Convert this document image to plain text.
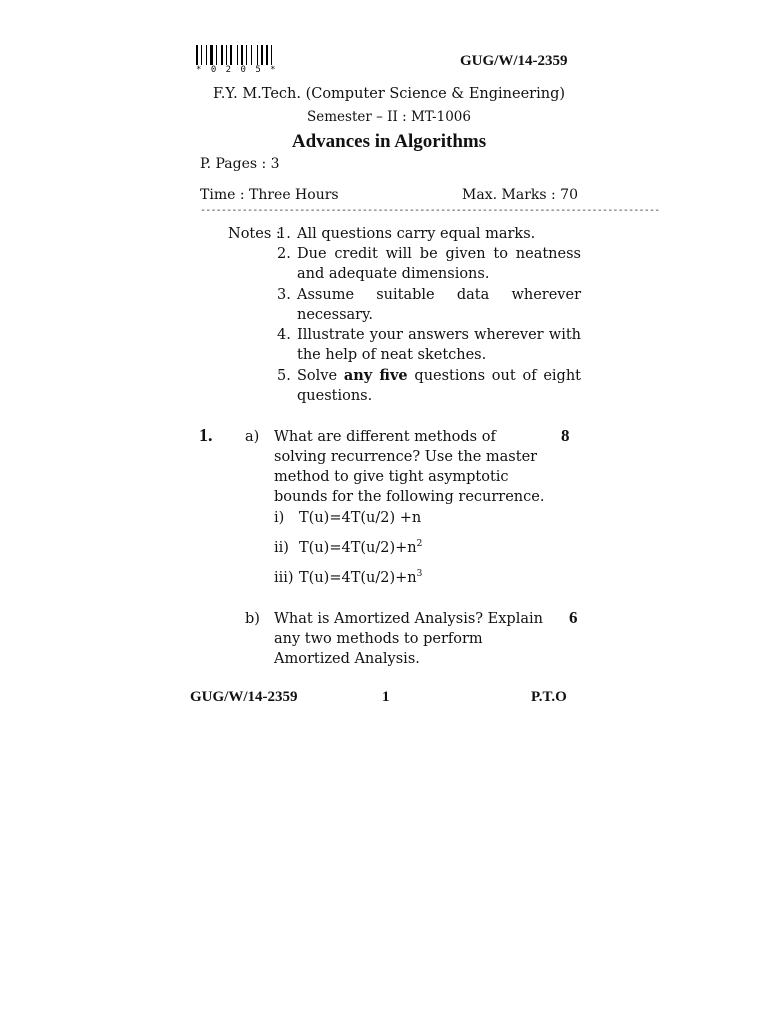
* 0 2 0 5 *
GUG/W/14-2359
F.Y. M.Tech. (Computer Science & Engineering)
Semester – II : MT-1006
Advances in Algorithms
P. Pages : 3
Time : Three Hours	Max. Marks : 70
----------------------------------------------------------------------------------------
Notes :
1. All questions carry equal marks.
2. Due credit will be given to neatness and adequate dimensions.
3. Assume suitable data wherever necessary.
4. Illustrate your answers wherever with the help of neat sketches.
5. Solve any five questions out of eight questions.
1. a) What are different methods of solving recurrence? Use the master method to give tight asymptotic bounds for the following recurrence.
8
i) T(u)=4T(u/2) +n
ii) $T(u)=4T(u/2)+n^2$
iii) $T(u)=4T(u/2)+n^3$
b) What is Amortized Analysis? Explain any two methods to perform Amortized Analysis.
6
GUG/W/14-2359	1	P.T.O
